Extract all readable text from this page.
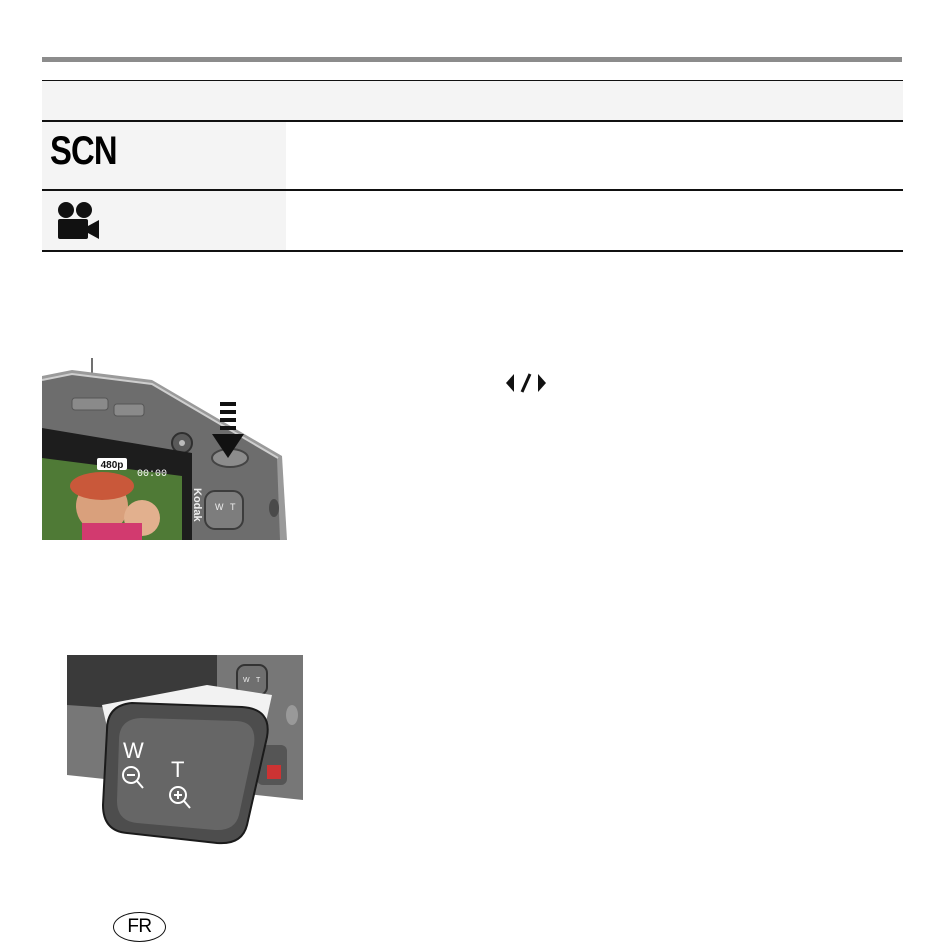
SCN
480p
00:00
Kodak W T
W T
W
T
FR
